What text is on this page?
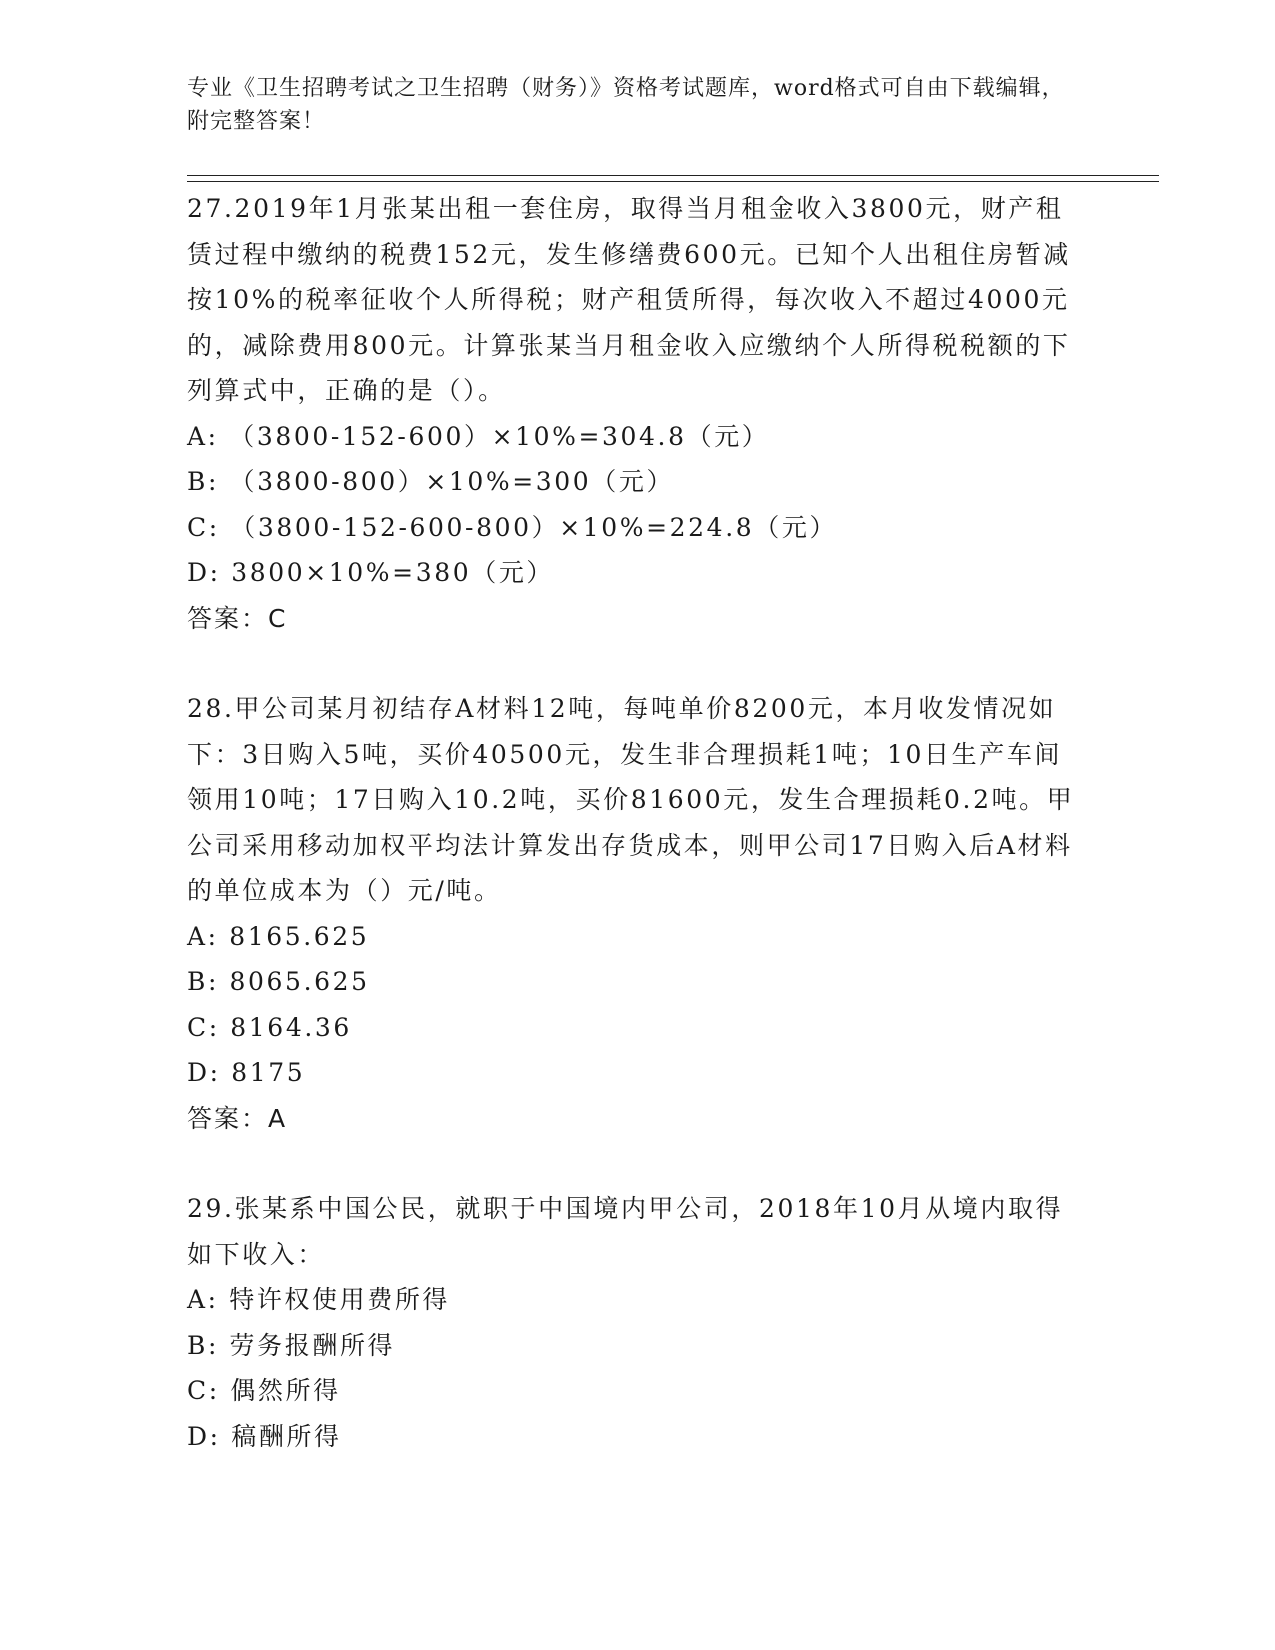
专业《卫生招聘考试之卫生招聘（财务）》资格考试题库，word格式可自由下载编辑，附完整答案！

27.2019年1月张某出租一套住房，取得当月租金收入3800元，财产租赁过程中缴纳的税费152元，发生修缮费600元。已知个人出租住房暂减按10%的税率征收个人所得税；财产租赁所得，每次收入不超过4000元的，减除费用800元。计算张某当月租金收入应缴纳个人所得税税额的下列算式中，正确的是（）。

A: （3800-152-600）×10%=304.8（元）
B: （3800-800）×10%=300（元）
C: （3800-152-600-800）×10%=224.8（元）
D: 3800×10%=380（元）
答案：C

28.甲公司某月初结存A材料12吨，每吨单价8200元，本月收发情况如下：3日购入5吨，买价40500元，发生非合理损耗1吨；10日生产车间领用10吨；17日购入10.2吨，买价81600元，发生合理损耗0.2吨。甲公司采用移动加权平均法计算发出存货成本，则甲公司17日购入后A材料的单位成本为（）元/吨。

A: 8165.625
B: 8065.625
C: 8164.36
D: 8175
答案：A

29.张某系中国公民，就职于中国境内甲公司，2018年10月从境内取得如下收入：

A: 特许权使用费所得
B: 劳务报酬所得
C: 偶然所得
D: 稿酬所得
